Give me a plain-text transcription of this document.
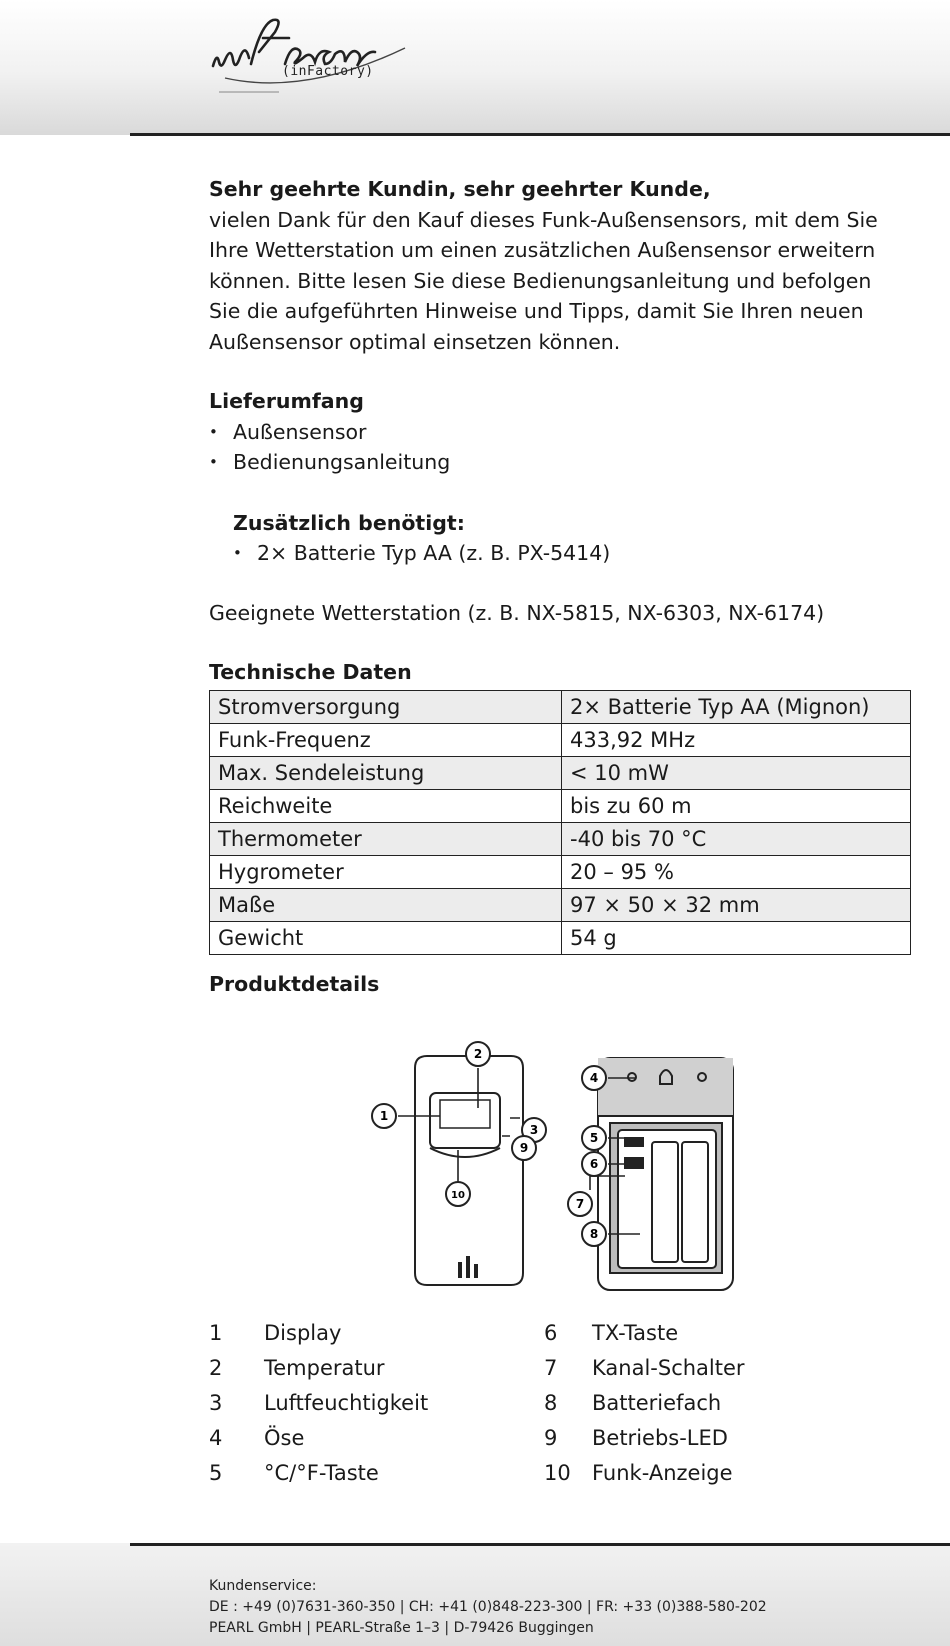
(inFactory)

Sehr geehrte Kundin, sehr geehrter Kunde,

vielen Dank für den Kauf dieses Funk-Außensensors, mit dem Sie

Ihre Wetterstation um einen zusätzlichen Außensensor erweitern

können. Bitte lesen Sie diese Bedienungsanleitung und befolgen

Sie die aufgeführten Hinweise und Tipps, damit Sie Ihren neuen

Außensensor optimal einsetzen können.

Lieferumfang

• Außensensor
• Bedienungsanleitung

Zusätzlich benötigt:

• 2× Batterie Typ AA (z. B. PX-5414)

Geeignete Wetterstation (z. B. NX-5815, NX-6303, NX-6174)

Technische Daten

Stromversorgung	2× Batterie Typ AA (Mignon)
Funk-Frequenz	433,92 MHz
Max. Sendeleistung	< 10 mW
Reichweite	bis zu 60 m
Thermometer	-40 bis 70 °C
Hygrometer	20 – 95 %
Maße	97 × 50 × 32 mm
Gewicht	54 g

Produktdetails

1
2
3
4
5
6
7
8
9
10
1	Display	6	TX-Taste
2	Temperatur	7	Kanal-Schalter
3	Luftfeuchtigkeit	8	Batteriefach
4	Öse	9	Betriebs-LED
5	°C/°F-Taste	10	Funk-Anzeige
Kundenservice:
DE : +49 (0)7631-360-350 | CH: +41 (0)848-223-300 | FR: +33 (0)388-580-202
PEARL GmbH | PEARL-Straße 1–3 | D-79426 Buggingen
